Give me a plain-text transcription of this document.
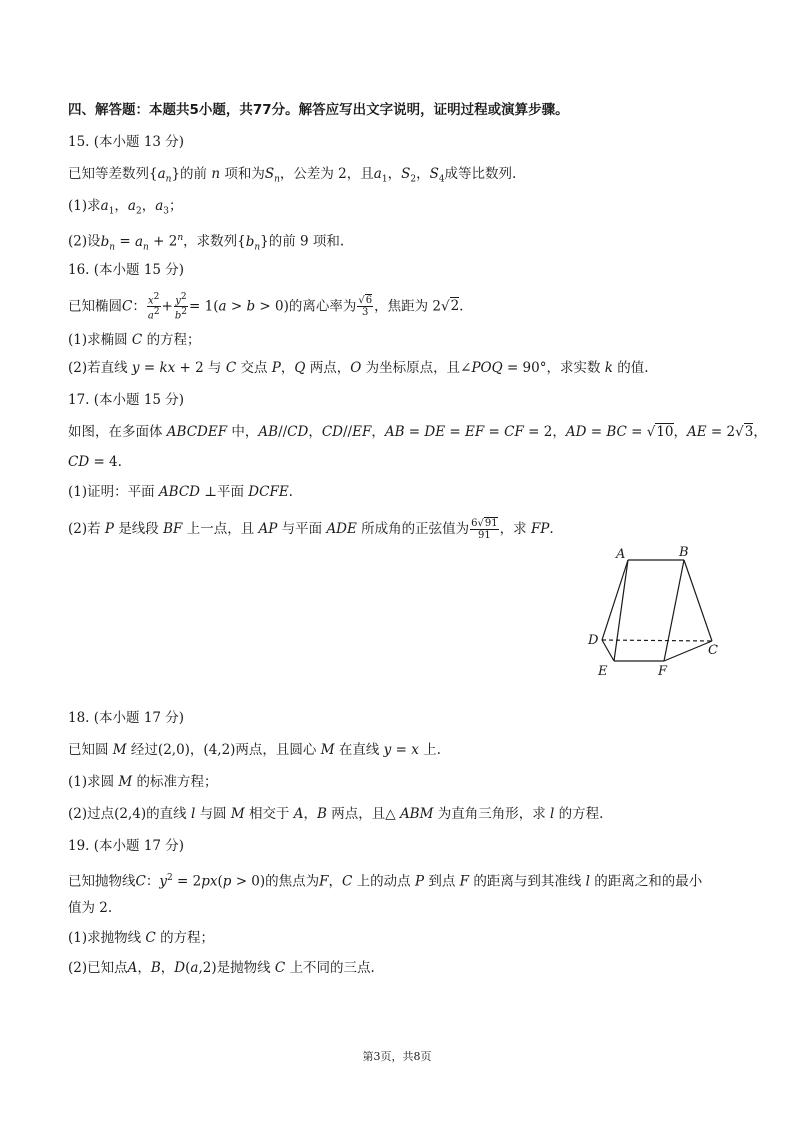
四、解答题：本题共5小题，共77分。解答应写出文字说明，证明过程或演算步骤。
15. (本小题 13 分)
已知等差数列$\{a_n\}$的前 n 项和为$S_n$，公差为 2，且$a_1$，$S_2$，$S_4$成等比数列.
(1)求$a_1$，$a_2$，$a_3$；
(2)设$b_n = a_n + 2^n$，求数列$\{b_n\}$的前 9 项和.
16. (本小题 15 分)
已知椭圆C： $\frac{x^2}{a^2} + \frac{y^2}{b^2} = 1(a > b > 0)$的离心率为 $\frac{√6}{3}$ ，焦距为 2√2.
(1)求椭圆 C 的方程；
(2)若直线 y = kx + 2 与 C 交点 P，Q 两点，O 为坐标原点，且∠POQ = 90°，求实数 k 的值.
17. (本小题 15 分)
如图，在多面体 ABCDEF 中，AB//CD，CD//EF，AB = DE = EF = CF = 2，AD = BC = √10，AE = 2√3，
CD = 4.
(1)证明：平面 ABCD ⊥平面 DCFE.
(2)若 P 是线段 BF 上一点，且 AP 与平面 ADE 所成角的正弦值为 $\frac{6√91}{91}$ ，求 FP.
A	B
C
D
E	F
18. (本小题 17 分)
已知圆 M 经过(2,0)，(4,2)两点，且圆心 M 在直线 y = x 上.
(1)求圆 M 的标准方程；
(2)过点(2,4)的直线 l 与圆 M 相交于 A，B 两点，且△ ABM 为直角三角形，求 l 的方程.
19. (本小题 17 分)
已知抛物线C：$y^2 = 2px(p > 0)$的焦点为F，C 上的动点 P 到点 F 的距离与到其准线 l 的距离之和的最小
值为 2.
(1)求抛物线 C 的方程；
(2)已知点A，B，D(a,2)是抛物线 C 上不同的三点.
第3页，共8页
